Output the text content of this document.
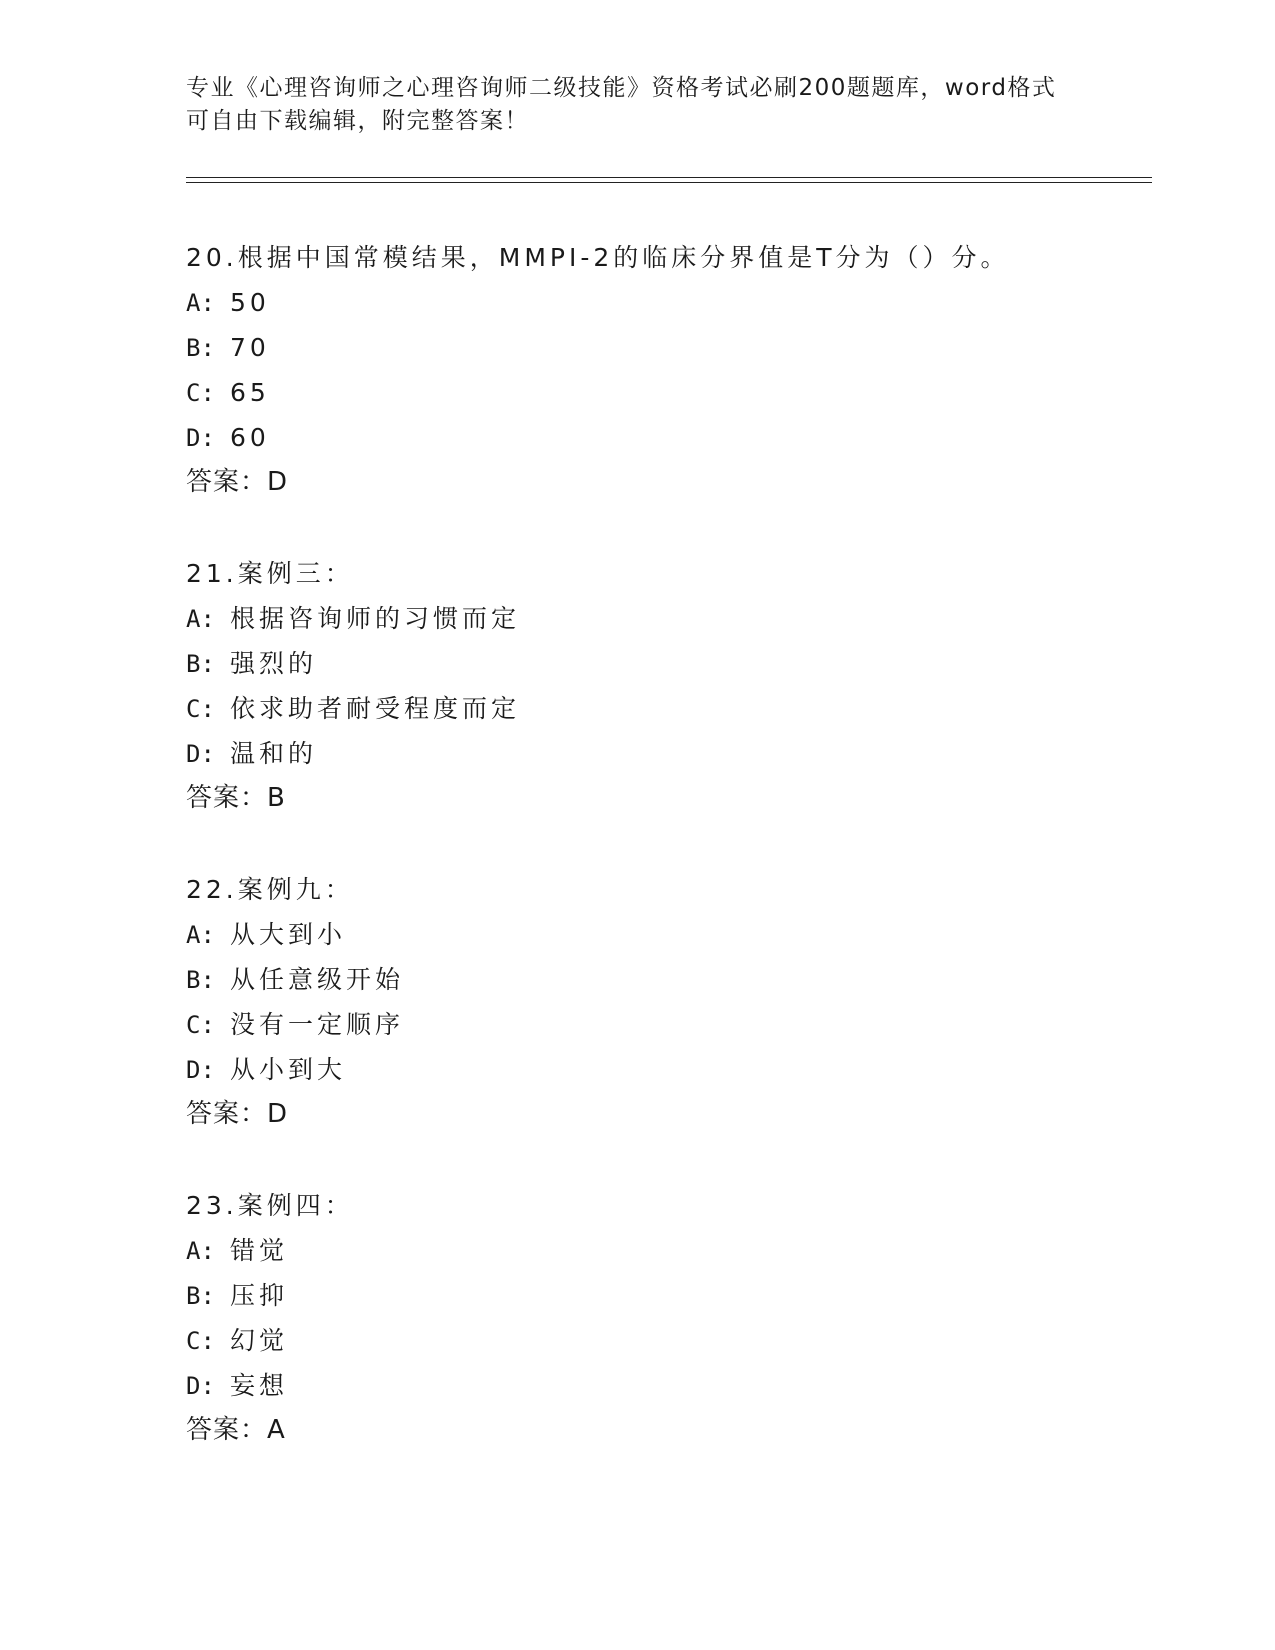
专业《心理咨询师之心理咨询师二级技能》资格考试必刷200题题库，word格式
可自由下载编辑，附完整答案！
20.根据中国常模结果，MMPI-2的临床分界值是T分为（）分。
A: 50
B: 70
C: 65
D: 60
答案：D
21.案例三：
A: 根据咨询师的习惯而定
B: 强烈的
C: 依求助者耐受程度而定
D: 温和的
答案：B
22.案例九：
A: 从大到小
B: 从任意级开始
C: 没有一定顺序
D: 从小到大
答案：D
23.案例四：
A: 错觉
B: 压抑
C: 幻觉
D: 妄想
答案：A
